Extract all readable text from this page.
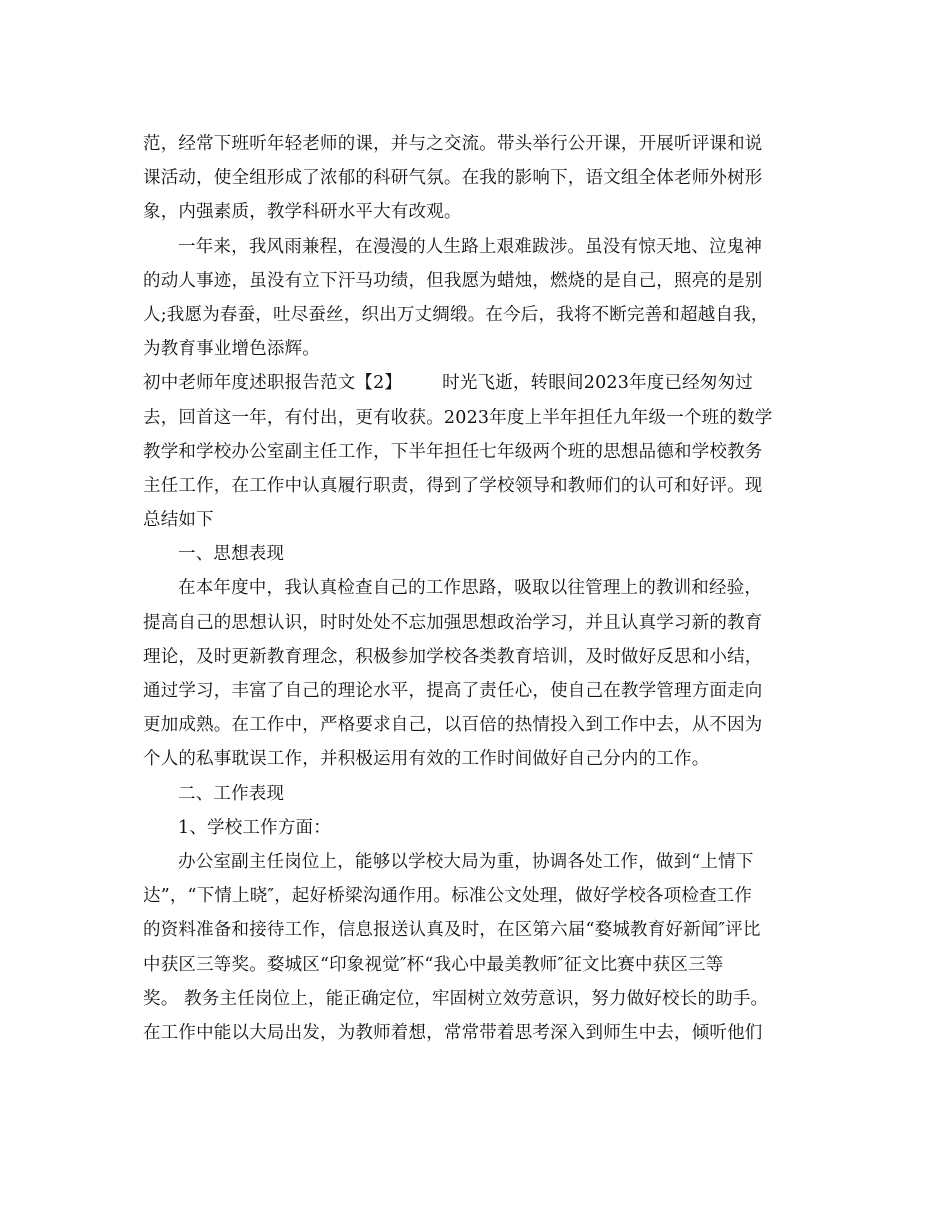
范，经常下班听年轻老师的课，并与之交流。带头举行公开课，开展听评课和说
课活动，使全组形成了浓郁的科研气氛。在我的影响下，语文组全体老师外树形
象，内强素质，教学科研水平大有改观。
一年来，我风雨兼程，在漫漫的人生路上艰难跋涉。虽没有惊天地、泣鬼神
的动人事迹，虽没有立下汗马功绩，但我愿为蜡烛，燃烧的是自己，照亮的是别
人;我愿为春蚕，吐尽蚕丝，织出万丈绸缎。在今后，我将不断完善和超越自我，
为教育事业增色添辉。
初中老师年度述职报告范文【2】 时光飞逝，转眼间2023年度已经匆匆过
去，回首这一年，有付出，更有收获。2023年度上半年担任九年级一个班的数学
教学和学校办公室副主任工作，下半年担任七年级两个班的思想品德和学校教务
主任工作，在工作中认真履行职责，得到了学校领导和教师们的认可和好评。现
总结如下
一、思想表现
在本年度中，我认真检查自己的工作思路，吸取以往管理上的教训和经验，
提高自己的思想认识，时时处处不忘加强思想政治学习，并且认真学习新的教育
理论，及时更新教育理念，积极参加学校各类教育培训，及时做好反思和小结，
通过学习，丰富了自己的理论水平，提高了责任心，使自己在教学管理方面走向
更加成熟。在工作中，严格要求自己，以百倍的热情投入到工作中去，从不因为
个人的私事耽误工作，并积极运用有效的工作时间做好自己分内的工作。
二、工作表现
1、学校工作方面：
办公室副主任岗位上，能够以学校大局为重，协调各处工作，做到“上情下
达”，“下情上晓″，起好桥梁沟通作用。标准公文处理，做好学校各项检查工作
的资料准备和接待工作，信息报送认真及时，在区第六届“婺城教育好新闻″评比
中获区三等奖。婺城区“印象视觉″杯“我心中最美教师″征文比赛中获区三等
奖。 教务主任岗位上，能正确定位，牢固树立效劳意识，努力做好校长的助手。
在工作中能以大局出发，为教师着想，常常带着思考深入到师生中去，倾听他们
